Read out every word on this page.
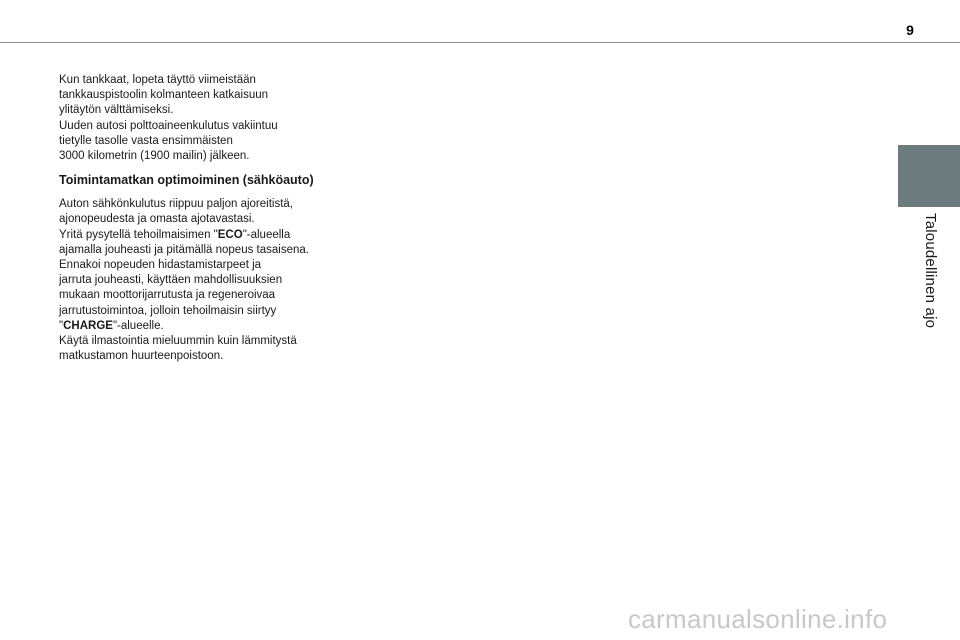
9
Taloudellinen ajo

Kun tankkaat, lopeta täyttö viimeistään
tankkauspistoolin kolmanteen katkaisuun
ylitäytön välttämiseksi.
Uuden autosi polttoaineenkulutus vakiintuu
tietylle tasolle vasta ensimmäisten
3000 kilometrin (1900 mailin) jälkeen.

Toimintamatkan optimoiminen (sähköauto)

Auton sähkönkulutus riippuu paljon ajoreitistä,
ajonopeudesta ja omasta ajotavastasi.
Yritä pysytellä tehoilmaisimen "ECO"-alueella
ajamalla jouheasti ja pitämällä nopeus tasaisena.
Ennakoi nopeuden hidastamistarpeet ja
jarruta jouheasti, käyttäen mahdollisuuksien
mukaan moottorijarrutusta ja regeneroivaa
jarrutustoimintoa, jolloin tehoilmaisin siirtyy
"CHARGE"-alueelle.
Käytä ilmastointia mieluummin kuin lämmitystä
matkustamon huurteenpoistoon.

carmanualsonline.info
